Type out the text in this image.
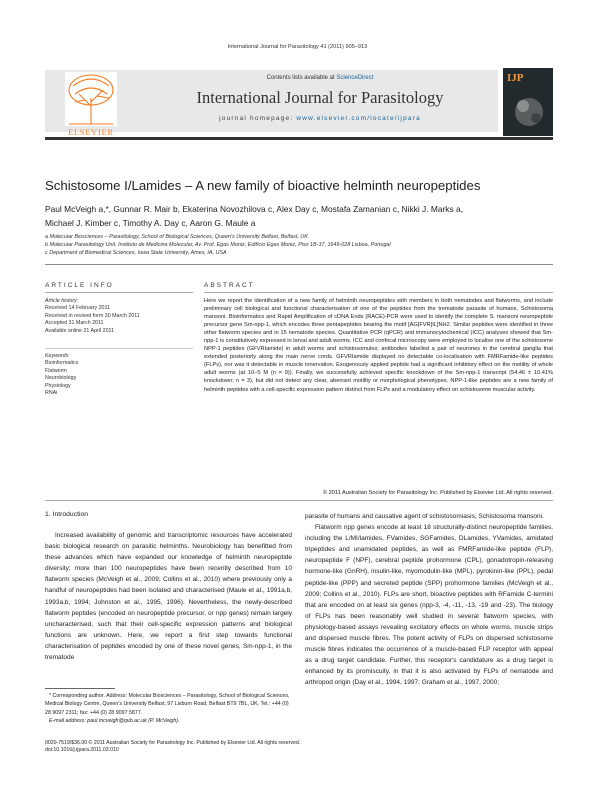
International Journal for Parasitology 41 (2011) 905–913
Contents lists available at ScienceDirect
International Journal for Parasitology
journal homepage: www.elsevier.com/locate/ijpara
ELSEVIER
IJP
Schistosome I/Lamides – A new family of bioactive helminth neuropeptides
Paul McVeigh a,*, Gunnar R. Mair b, Ekaterina Novozhilova c, Alex Day c, Mostafa Zamanian c, Nikki J. Marks a,
Michael J. Kimber c, Timothy A. Day c, Aaron G. Maule a
a Molecular Biosciences – Parasitology, School of Biological Sciences, Queen's University Belfast, Belfast, UK
b Molecular Parasitology Unit, Instituto de Medicina Molecular, Av. Prof. Egas Moniz, Edifício Egas Moniz, Piso 1B-37, 1649-028 Lisboa, Portugal
c Department of Biomedical Sciences, Iowa State University, Ames, IA, USA
ARTICLE INFO	ABSTRACT
Article history:
Received 14 February 2011
Received in revised form 30 March 2011
Accepted 31 March 2011
Available online 21 April 2011
Keywords:
Bioinformatics
Flatworm
Neurobiology
Physiology
RNAi

Here we report the identification of a new family of helminth neuropeptides with members in both nematodes and flatworms, and include preliminary cell biological and functional characterisation of one of the peptides from the trematode parasite of humans, Schistosoma mansoni. Bioinformatics and Rapid Amplification of cDNA Ends (RACE)-PCR were used to identify the complete S. mansoni neuropeptide precursor gene Sm-npp-1, which encodes three pentapeptides bearing the motif [AG]FVR[IL]NH2. Similar peptides were identified in three other flatworm species and in 15 nematode species. Quantitative PCR (qPCR) and immunocytochemical (ICC) analyses showed that Sm-npp-1 is constitutively expressed in larval and adult worms. ICC and confocal microscopy were employed to localise one of the schistosome NPP-1 peptides (GFVRIamide) in adult worms and schistosomules; antibodies labelled a pair of neurones in the cerebral ganglia that extended posteriorly along the main nerve cords. GFVRIamide displayed no detectable co-localisation with FMRFamide-like peptides (FLPs), nor was it detectable in muscle innervation. Exogenously applied peptide had a significant inhibitory effect on the motility of whole adult worms (at 10−5 M (n = 9)). Finally, we successfully achieved specific knockdown of the Sm-npp-1 transcript (54.46 ± 10.41% knockdown; n = 3), but did not detect any clear, aberrant motility or morphological phenotypes. NPP-1-like peptides are a new family of helminth peptides with a cell-specific expression pattern distinct from FLPs and a modulatory effect on schistosome muscular activity.

© 2011 Australian Society for Parasitology Inc. Published by Elsevier Ltd. All rights reserved.
1. Introduction
Increased availability of genomic and transcriptomic resources have accelerated basic biological research on parasitic helminths. Neurobiology has benefitted from these advances which have expanded our knowledge of helminth neuropeptide diversity; more than 100 neuropeptides have been recently described from 10 flatworm species (McVeigh et al., 2009; Collins et al., 2010) where previously only a handful of neuropeptides had been isolated and characterised (Maule et al., 1991a,b, 1993a,b, 1994; Johnston et al., 1995, 1996). Nevertheless, the newly-described flatworm peptides (encoded on neuropeptide precursor, or npp genes) remain largely uncharacterised, such that their cell-specific expression patterns and biological functions are unknown. Here, we report a first step towards functional characterisation of peptides encoded by one of these novel genes, Sm-npp-1, in the trematode
parasite of humans and causative agent of schistosomiasis, Schistosoma mansoni.
Flatworm npp genes encode at least 18 structurally-distinct neuropeptide families, including the L/MI/lamides, FVamides, SGFamides, DLamides, YVamides, amidated tripeptides and unamidated peptides, as well as FMRFamide-like peptide (FLP), neuropeptide F (NPF), cerebral peptide prohormone (CPL), gonadotropin-releasing hormone-like (GnRH), insulin-like, myomodulin-like (MPL), pyrokinin-like (PPL), pedal peptide-like (PPP) and secreted peptide (SPP) prohormone families (McVeigh et al., 2009; Collins et al., 2010). FLPs are short, bioactive peptides with RFamide C-termini that are encoded on at least six genes (npp-3, -4, -11, -13, -19 and -23). The biology of FLPs has been reasonably well studied in several flatworm species, with physiology-based assays revealing excitatory effects on whole worms, muscle strips and dispersed muscle fibres. The potent activity of FLPs on dispersed schistosome muscle fibres indicates the occurrence of a muscle-based FLP receptor with appeal as a drug target candidate. Further, this receptor's candidature as a drug target is enhanced by its promiscuity, in that it is also activated by FLPs of nematode and arthropod origin (Day et al., 1994, 1997; Graham et al., 1997, 2000;
* Corresponding author. Address: Molecular Biosciences – Parasitology, School of Biological Sciences, Medical Biology Centre, Queen's University Belfast, 97 Lisburn Road, Belfast BT9 7BL, UK. Tel.: +44 (0) 28 9097 2311; fax: +44 (0) 28 9097 5877.
E-mail address: paul.mcveigh@qub.ac.uk (P. McVeigh).
0020-7519/$36.00 © 2011 Australian Society for Parasitology Inc. Published by Elsevier Ltd. All rights reserved.
doi:10.1016/j.ijpara.2011.03.010
